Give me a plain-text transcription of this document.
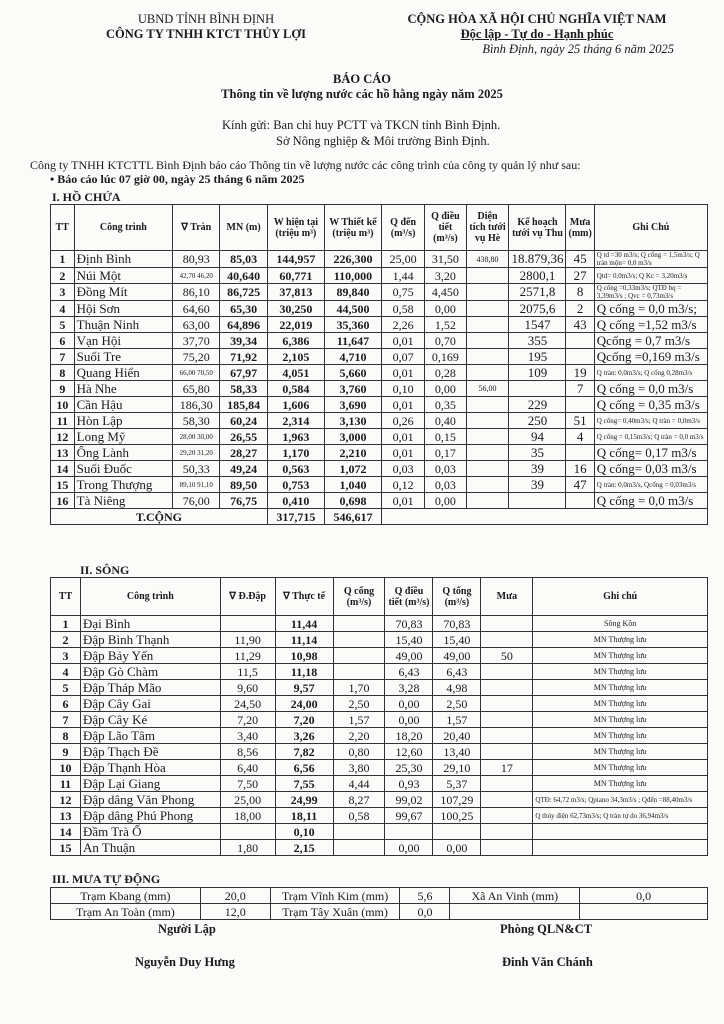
UBND TỈNH BÌNH ĐỊNH
CÔNG TY TNHH KTCT THỦY LỢI
CỘNG HÒA XÃ HỘI CHỦ NGHĨA VIỆT NAM
Độc lập - Tự do - Hạnh phúc
Bình Định, ngày 25 tháng 6 năm 2025
BÁO CÁO
Thông tin về lượng nước các hồ hằng ngày năm 2025
Kính gửi: Ban chỉ huy PCTT và TKCN tỉnh Bình Định.
Sở Nông nghiệp & Môi trường Bình Định.
Công ty TNHH KTCTTL Bình Định báo cáo Thông tin về lượng nước các công trình của công ty quản lý như sau:
• Báo cáo lúc 07 giờ 00, ngày 25 tháng 6 năm 2025
I. HỒ CHỨA
TT	Công trình	∇ Tràn	MN (m)	W hiện tại (triệu m³)	W Thiết kế (triệu m³)	Q đến (m³/s)	Q điều tiết (m³/s)	Diện tích tưới vụ Hè	Kế hoạch tưới vụ Thu	Mưa (mm)	Ghi Chú
1	Định Bình	80,93	85,03	144,957	226,300	25,00	31,50	438,80	18.879,36	45	Q td =30 m3/s; Q cống = 1,5m3/s; Q tràn mộn= 0,0 m3/s
2	Núi Một	42,70 46,20	40,640	60,771	110,000	1,44	3,20		2800,1	27	Qtd= 0,0m3/s; Q Kc = 3,20m3/s
3	Đồng Mít	86,10	86,725	37,813	89,840	0,75	4,450		2571,8	8	Q cống =0,33m3/s; QTĐ bq = 3,39m3/s ; Qvc = 0,73m3/s
4	Hội Sơn	64,60	65,30	30,250	44,500	0,58	0,00		2075,6	2	Q cống = 0,0 m3/s;
5	Thuận Ninh	63,00	64,896	22,019	35,360	2,26	1,52		1547	43	Q cống =1,52 m3/s
6	Vạn Hội	37,70	39,34	6,386	11,647	0,01	0,70		355		Qcống = 0,7 m3/s
7	Suối Tre	75,20	71,92	2,105	4,710	0,07	0,169		195		Qcống =0,169 m3/s
8	Quang Hiển	66,00 70,50	67,97	4,051	5,660	0,01	0,28		109	19	Q tràn: 0,0m3/s; Q cống 0,28m3/s
9	Hà Nhe	65,80	58,33	0,584	3,760	0,10	0,00	56,00		7	Q cống = 0,0 m3/s
10	Cần Hậu	186,30	185,84	1,606	3,690	0,01	0,35		229		Q cống = 0,35 m3/s
11	Hòn Lập	58,30	60,24	2,314	3,130	0,26	0,40		250	51	Q cống= 0,40m3/s; Q tràn = 0,0m3/s
12	Long Mỹ	28,00 30,00	26,55	1,963	3,000	0,01	0,15		94	4	Q cống = 0,15m3/s; Q tràn = 0,0 m3/s
13	Ông Lành	29,20 31,20	28,27	1,170	2,210	0,01	0,17		35		Q cống= 0,17 m3/s
14	Suối Đuốc	50,33	49,24	0,563	1,072	0,03	0,03		39	16	Q cống= 0,03 m3/s
15	Trong Thượng	89,10 91,10	89,50	0,753	1,040	0,12	0,03		39	47	Q tràn: 0,0m3/s, Qcống = 0,03m3/s
16	Tà Niêng	76,00	76,75	0,410	0,698	0,01	0,00				Q cống = 0,0 m3/s
T.CỘNG				317,715	546,617						
II. SÔNG
TT	Công trình	∇ Đ.Đập	∇ Thực tế	Q cống (m³/s)	Q điều tiết (m³/s)	Q tổng (m³/s)	Mưa	Ghi chú
1	Đại Bình		11,44		70,83	70,83		Sông Kôn
2	Đập Bình Thạnh	11,90	11,14		15,40	15,40		MN Thượng lưu
3	Đập Bảy Yển	11,29	10,98		49,00	49,00	50	MN Thượng lưu
4	Đập Gò Chàm	11,5	11,18		6,43	6,43		MN Thượng lưu
5	Đập Tháp Mão	9,60	9,57	1,70	3,28	4,98		MN Thượng lưu
6	Đập Cây Gai	24,50	24,00	2,50	0,00	2,50		MN Thượng lưu
7	Đập Cây Ké	7,20	7,20	1,57	0,00	1,57		MN Thượng lưu
8	Đập Lão Tâm	3,40	3,26	2,20	18,20	20,40		MN Thượng lưu
9	Đập Thạch Đề	8,56	7,82	0,80	12,60	13,40		MN Thượng lưu
10	Đập Thạnh Hòa	6,40	6,56	3,80	25,30	29,10	17	MN Thượng lưu
11	Đập Lại Giang	7,50	7,55	4,44	0,93	5,37		MN Thượng lưu
12	Đập dâng Văn Phong	25,00	24,99	8,27	99,02	107,29		QTĐ: 64,72 m3/s; Qpiano 34,3m3/s ; Qđến =88,40m3/s
13	Đập dâng Phú Phong	18,00	18,11	0,58	99,67	100,25		Q thủy điện 62,73m3/s; Q tràn tự do 36,94m3/s
14	Đầm Trà Ổ		0,10					
15	An Thuận	1,80	2,15		0,00	0,00		
III. MƯA TỰ ĐỘNG
Trạm Kbang (mm)	20,0	Trạm Vĩnh Kim (mm)	5,6	Xã An Vinh (mm)	0,0
Trạm An Toàn (mm)	12,0	Trạm Tây Xuân (mm)	0,0		
Người Lập
Nguyễn Duy Hưng
Phòng QLN&CT
Đinh Văn Chánh
